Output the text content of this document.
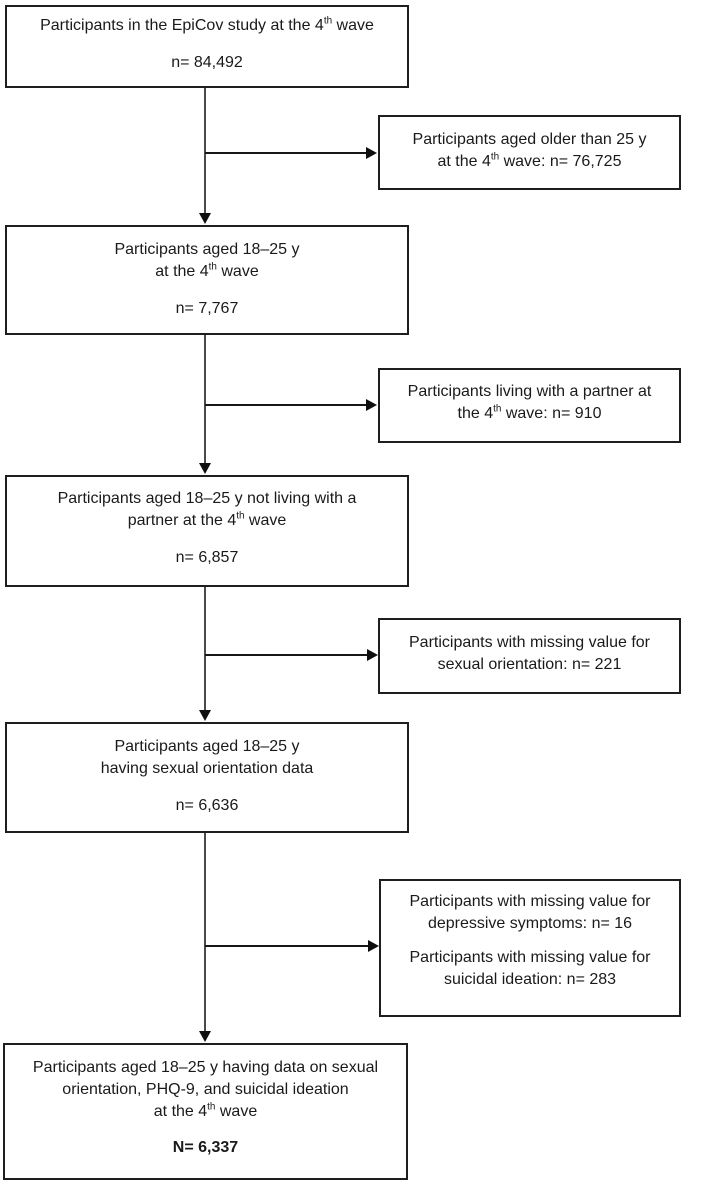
Participants in the EpiCov study at the 4th wave
n= 84,492
Participants aged older than 25 y
at the 4th wave: n= 76,725
Participants aged 18–25 y
at the 4th wave
n= 7,767
Participants living with a partner at
the 4th wave: n= 910
Participants aged 18–25 y not living with a
partner at the 4th wave
n= 6,857
Participants with missing value for
sexual orientation: n= 221
Participants aged 18–25 y
having sexual orientation data
n= 6,636
Participants with missing value for
depressive symptoms: n= 16
Participants with missing value for
suicidal ideation: n= 283
Participants aged 18–25 y having data on sexual
orientation, PHQ-9, and suicidal ideation
at the 4th wave
N= 6,337
